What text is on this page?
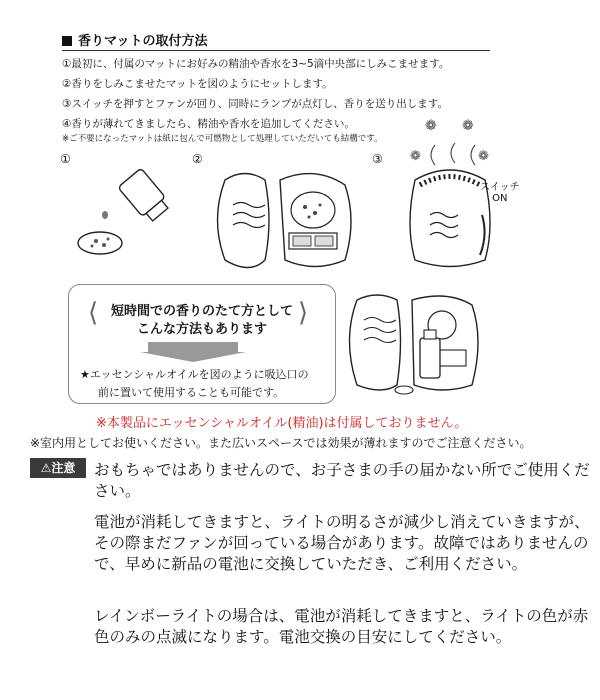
香りマットの取付方法
①最初に、付属のマットにお好みの精油や香水を3~5滴中央部にしみこませます。
②香りをしみこませたマットを図のようにセットします。
③スイッチを押すとファンが回り、同時にランプが点灯し、香りを送り出します。
④香りが薄れてきましたら、精油や香水を追加してください。
※ご不要になったマットは紙に包んで可燃物として処理していただいても結構です。
①	②	③
❁ ❁
❁	❁
スイッチ
ON
⟨	⟩
短時間での香りのたて方として
こんな方法もあります
★エッセンシャルオイルを図のように吸込口の
前に置いて使用することも可能です。
※本製品にエッセンシャルオイル(精油)は付属しておりません。
※室内用としてお使いください。また広いスペースでは効果が薄れますのでご注意ください。
⚠注意	おもちゃではありませんので、お子さまの手の届かない所でご使用ください。
電池が消耗してきますと、ライトの明るさが減少し消えていきますが、その際まだファンが回っている場合があります。故障ではありませんので、早めに新品の電池に交換していただき、ご利用ください。
レインボーライトの場合は、電池が消耗してきますと、ライトの色が赤色のみの点滅になります。電池交換の目安にしてください。
